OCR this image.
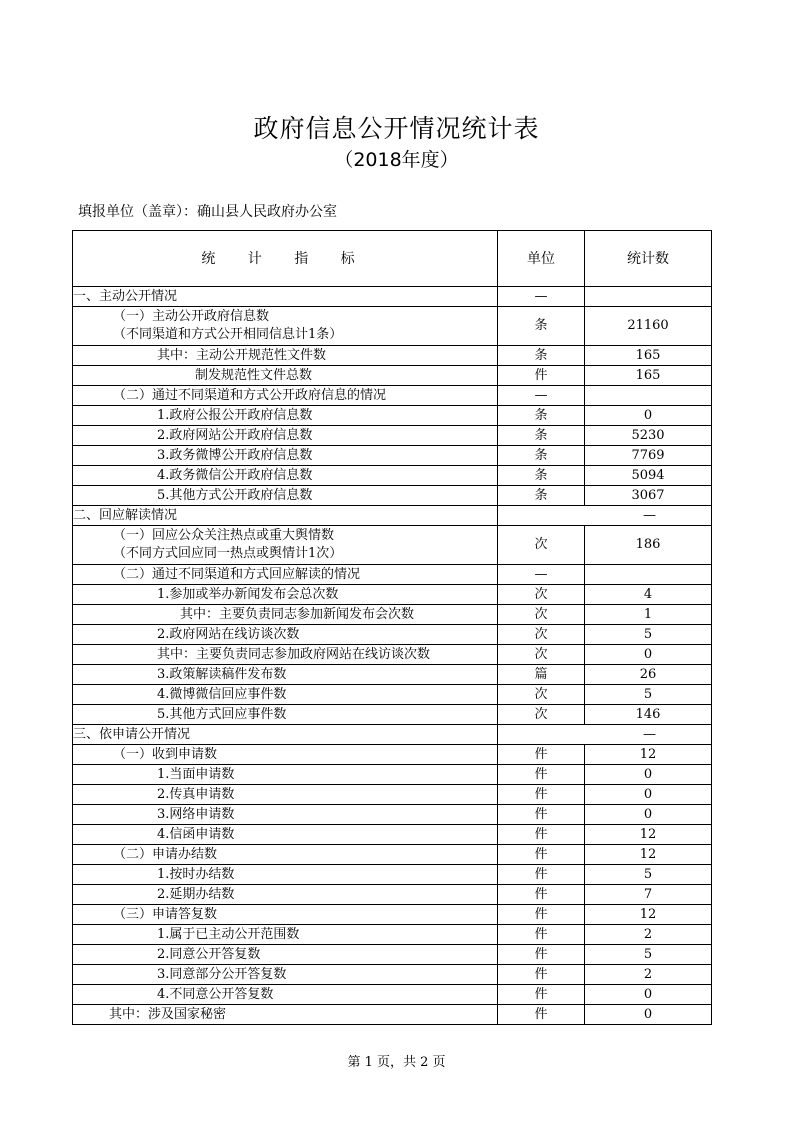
政府信息公开情况统计表
（2018年度）
填报单位（盖章）：确山县人民政府办公室
统 计 指 标	单位	统计数
一、主动公开情况	—	

（一）主动公开政府信息数
（不同渠道和方式公开相同信息计1条）	条	21160
其中：主动公开规范性文件数	条	165
制发规范性文件总数	件	165
（二）通过不同渠道和方式公开政府信息的情况	—	
1.政府公报公开政府信息数	条	0
2.政府网站公开政府信息数	条	5230
3.政务微博公开政府信息数	条	7769
4.政务微信公开政府信息数	条	5094
5.其他方式公开政府信息数	条	3067
二、回应解读情况	—	

（一）回应公众关注热点或重大舆情数
（不同方式回应同一热点或舆情计1次）	次	186
（二）通过不同渠道和方式回应解读的情况	—	
1.参加或举办新闻发布会总次数	次	4
其中：主要负责同志参加新闻发布会次数	次	1
2.政府网站在线访谈次数	次	5
其中：主要负责同志参加政府网站在线访谈次数	次	0
3.政策解读稿件发布数	篇	26
4.微博微信回应事件数	次	5
5.其他方式回应事件数	次	146
三、依申请公开情况	—	
（一）收到申请数	件	12
1.当面申请数	件	0
2.传真申请数	件	0
3.网络申请数	件	0
4.信函申请数	件	12
（二）申请办结数	件	12
1.按时办结数	件	5
2.延期办结数	件	7
（三）申请答复数	件	12
1.属于已主动公开范围数	件	2
2.同意公开答复数	件	5
3.同意部分公开答复数	件	2
4.不同意公开答复数	件	0
其中：涉及国家秘密	件	0
第 1 页，共 2 页
